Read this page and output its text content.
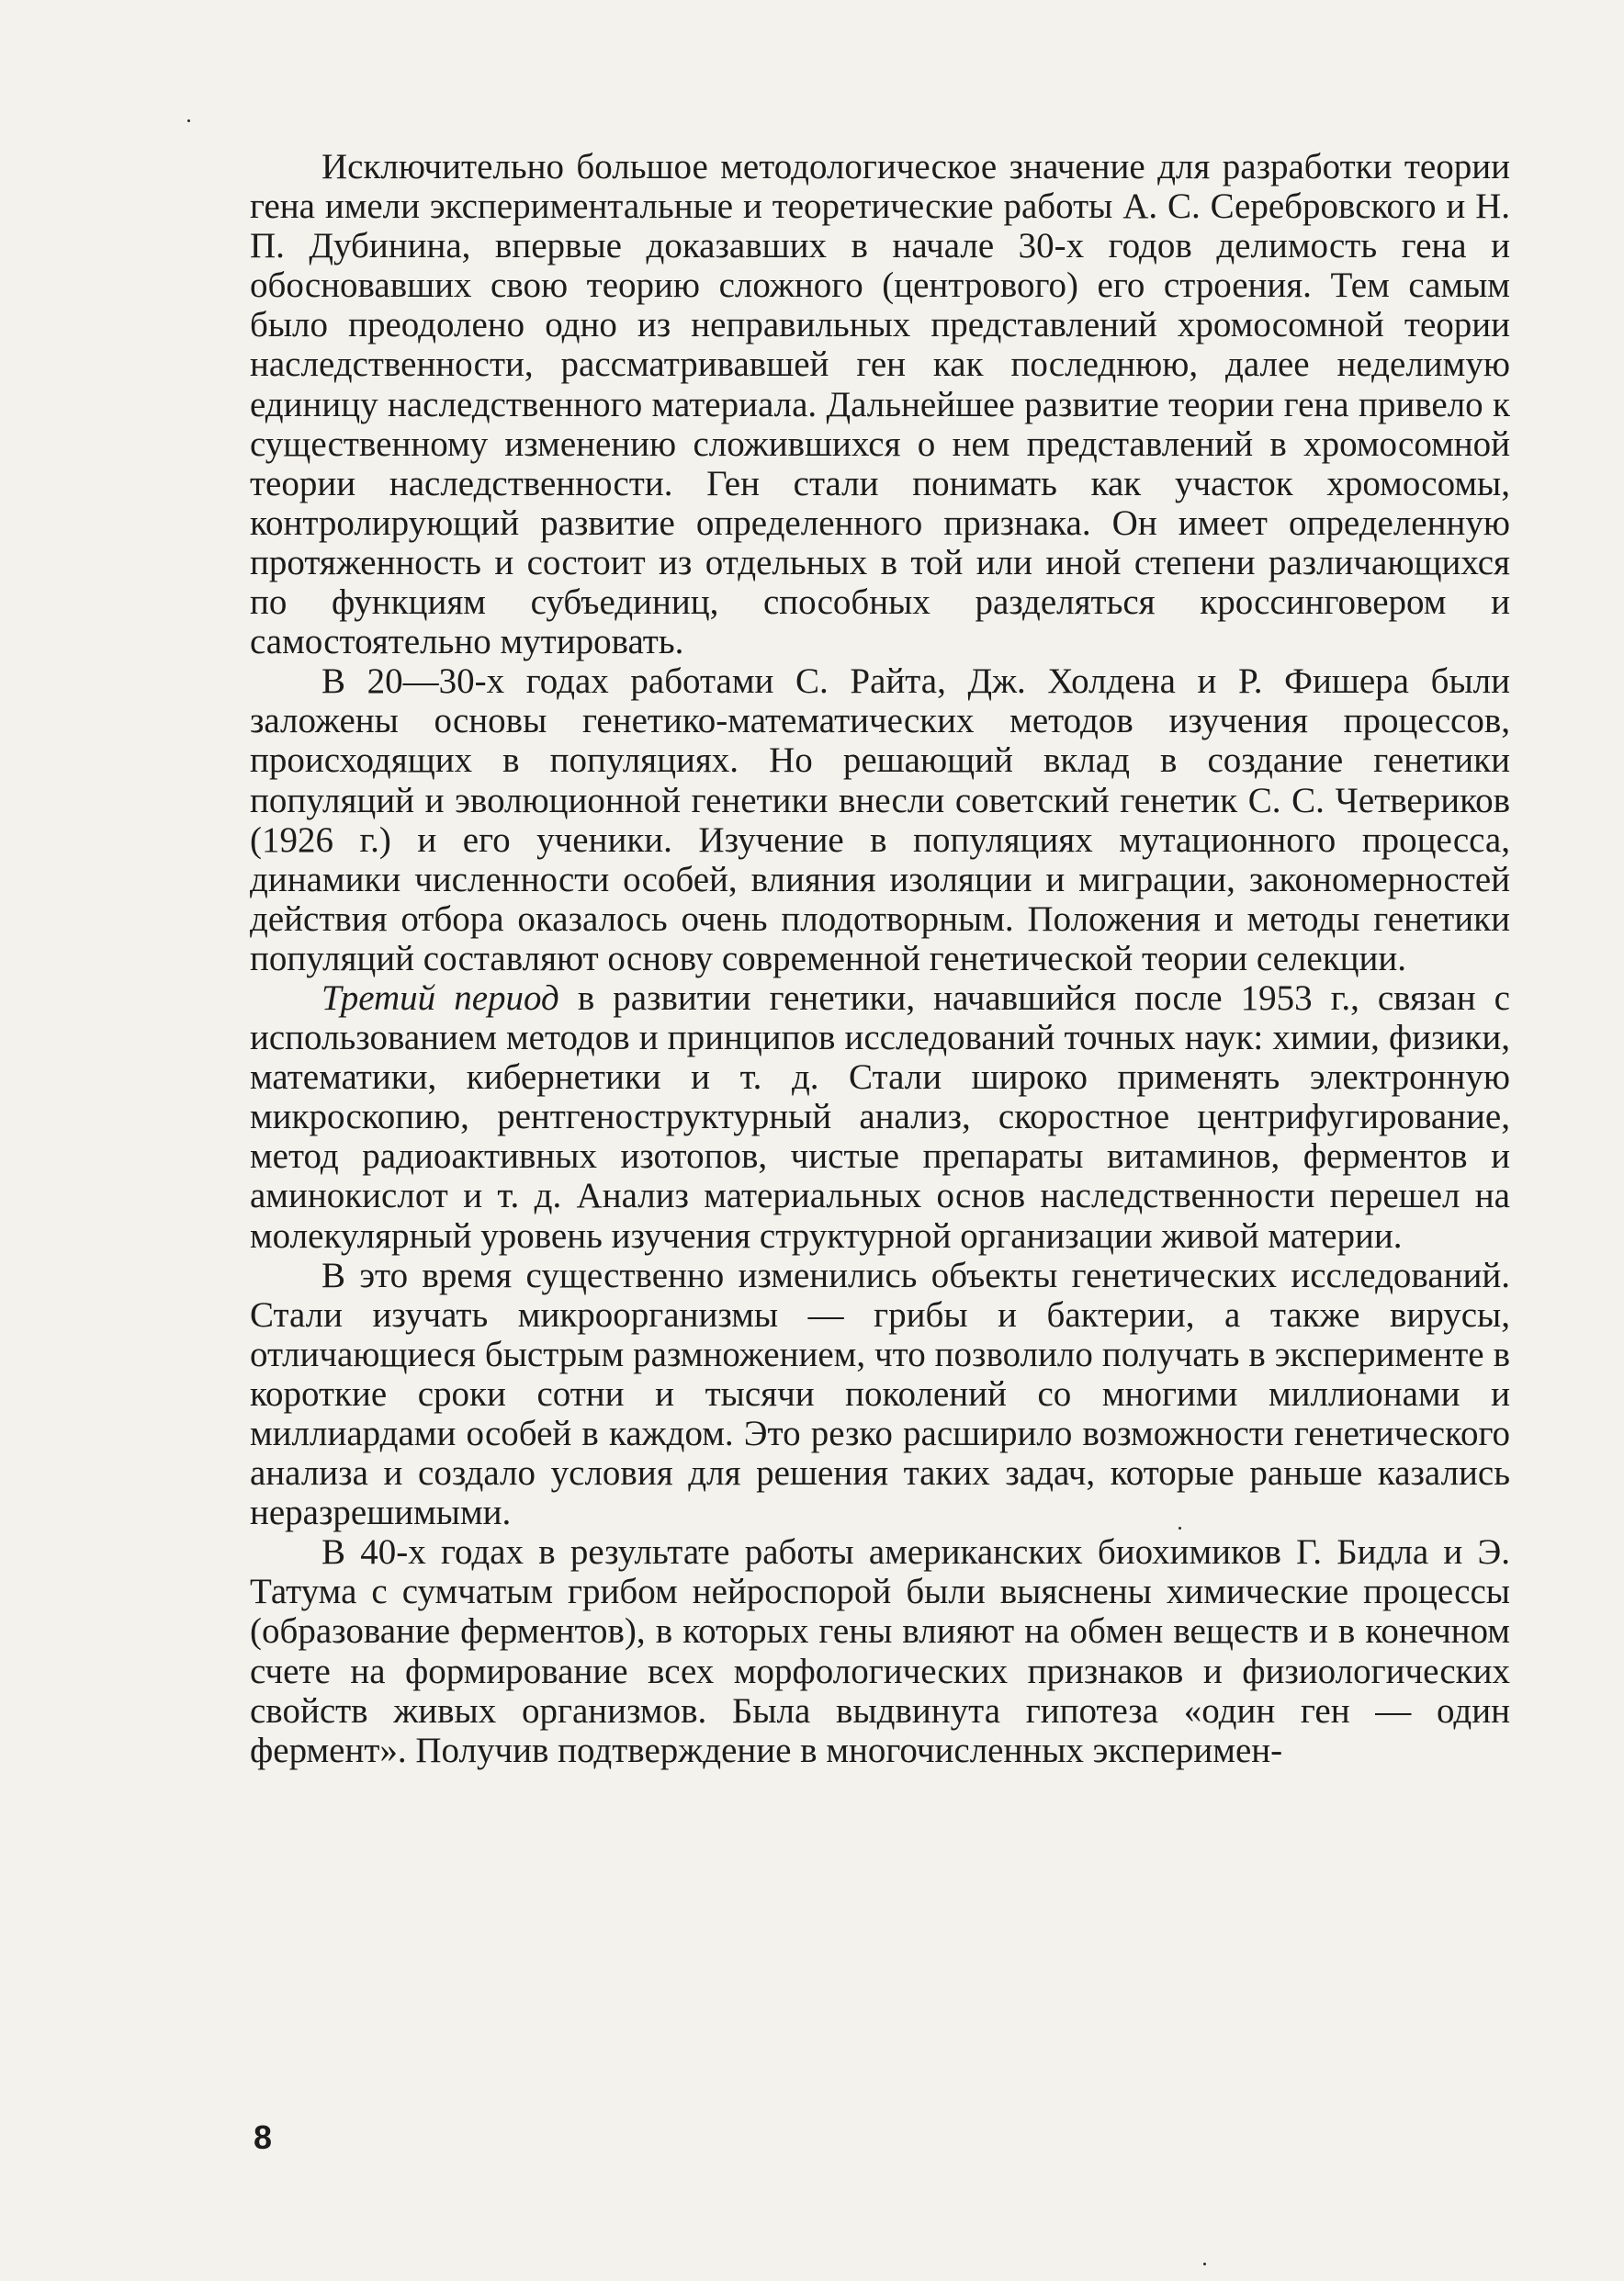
Исключительно большое методологическое значение для разработки теории гена имели экспериментальные и теоретические работы А. С. Серебровского и Н. П. Дубинина, впервые доказавших в начале 30-х годов делимость гена и обосновавших свою теорию сложного (центрового) его строения. Тем самым было преодолено одно из неправильных представлений хромосомной теории наследственности, рассматривавшей ген как последнюю, далее неделимую единицу наследственного материала. Дальнейшее развитие теории гена привело к существенному изменению сложившихся о нем представлений в хромосомной теории наследственности. Ген стали понимать как участок хромосомы, контролирующий развитие определенного признака. Он имеет определенную протяженность и состоит из отдельных в той или иной степени различающихся по функциям субъединиц, способных разделяться кроссинговером и самостоятельно мутировать.

В 20—30-х годах работами С. Райта, Дж. Холдена и Р. Фишера были заложены основы генетико-математических методов изучения процессов, происходящих в популяциях. Но решающий вклад в создание генетики популяций и эволюционной генетики внесли советский генетик С. С. Четвериков (1926 г.) и его ученики. Изучение в популяциях мутационного процесса, динамики численности особей, влияния изоляции и миграции, закономерностей действия отбора оказалось очень плодотворным. Положения и методы генетики популяций составляют основу современной генетической теории селекции.

Третий период в развитии генетики, начавшийся после 1953 г., связан с использованием методов и принципов исследований точных наук: химии, физики, математики, кибернетики и т. д. Стали широко применять электронную микроскопию, рентгеноструктурный анализ, скоростное центрифугирование, метод радиоактивных изотопов, чистые препараты витаминов, ферментов и аминокислот и т. д. Анализ материальных основ наследственности перешел на молекулярный уровень изучения структурной организации живой материи.

В это время существенно изменились объекты генетических исследований. Стали изучать микроорганизмы — грибы и бактерии, а также вирусы, отличающиеся быстрым размножением, что позволило получать в эксперименте в короткие сроки сотни и тысячи поколений со многими миллионами и миллиардами особей в каждом. Это резко расширило возможности генетического анализа и создало условия для решения таких задач, которые раньше казались неразрешимыми.

В 40-х годах в результате работы американских биохимиков Г. Бидла и Э. Татума с сумчатым грибом нейроспорой были выяснены химические процессы (образование ферментов), в которых гены влияют на обмен веществ и в конечном счете на формирование всех морфологических признаков и физиологических свойств живых организмов. Была выдвинута гипотеза «один ген — один фермент». Получив подтверждение в многочисленных эксперимен-

8
